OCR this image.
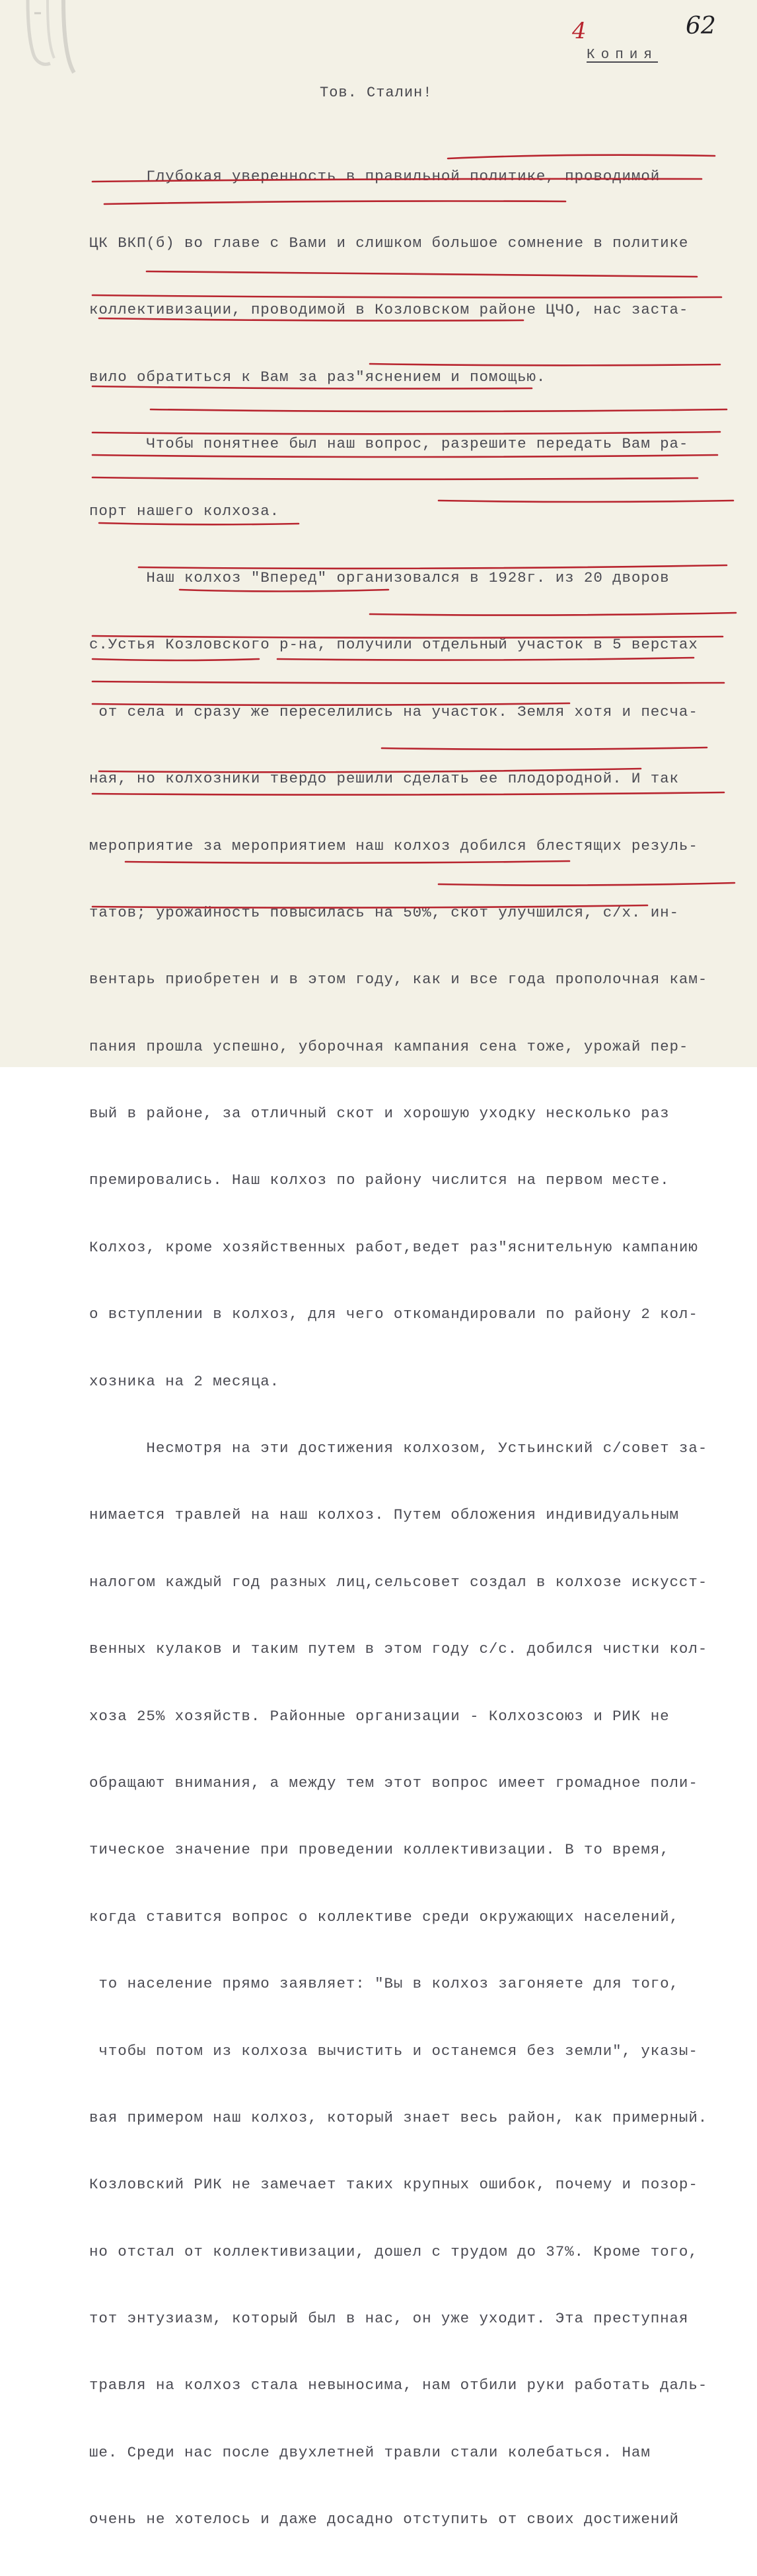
4	62
Копия
Тов. Сталин!

Глубокая уверенность в правильной политике, проводимой

ЦК ВКП(б) во главе с Вами и слишком большое сомнение в политике

коллективизации, проводимой в Козловском районе ЦЧО, нас заста-

вило обратиться к Вам за раз"яснением и помощью.

Чтобы понятнее был наш вопрос, разрешите передать Вам ра-

порт нашего колхоза.

Наш колхоз "Вперед" организовался в 1928г. из 20 дворов

с.Устья Козловского р-на, получили отдельный участок в 5 верстах

от села и сразу же переселились на участок. Земля хотя и песча-

ная, но колхозники твердо решили сделать ее плодородной. И так

мероприятие за мероприятием наш колхоз добился блестящих резуль-

татов; урожайность повысилась на 50%, скот улучшился, с/х. ин-

вентарь приобретен и в этом году, как и все года прополочная кам-

пания прошла успешно, уборочная кампания сена тоже, урожай пер-

вый в районе, за отличный скот и хорошую уходку несколько раз

премировались. Наш колхоз по району числится на первом месте.

Колхоз, кроме хозяйственных работ,ведет раз"яснительную кампанию

о вступлении в колхоз, для чего откомандировали по району 2 кол-

хозника на 2 месяца.

Несмотря на эти достижения колхозом, Устьинский с/совет за-

нимается травлей на наш колхоз. Путем обложения индивидуальным

налогом каждый год разных лиц,сельсовет создал в колхозе искусст-

венных кулаков и таким путем в этом году с/с. добился чистки кол-

хоза 25% хозяйств. Районные организации - Колхозсоюз и РИК не

обращают внимания, а между тем этот вопрос имеет громадное поли-

тическое значение при проведении коллективизации. В то время,

когда ставится вопрос о коллективе среди окружающих населений,

то население прямо заявляет: "Вы в колхоз загоняете для того,

чтобы потом из колхоза вычистить и останемся без земли", указы-

вая примером наш колхоз, который знает весь район, как примерный.

Козловский РИК не замечает таких крупных ошибок, почему и позор-

но отстал от коллективизации, дошел с трудом до 37%. Кроме того,

тот энтузиазм, который был в нас, он уже уходит. Эта преступная

травля на колхоз стала невыносима, нам отбили руки работать даль-

ше. Среди нас после двухлетней травли стали колебаться. Нам

очень не хотелось и даже досадно отступить от своих достижений
